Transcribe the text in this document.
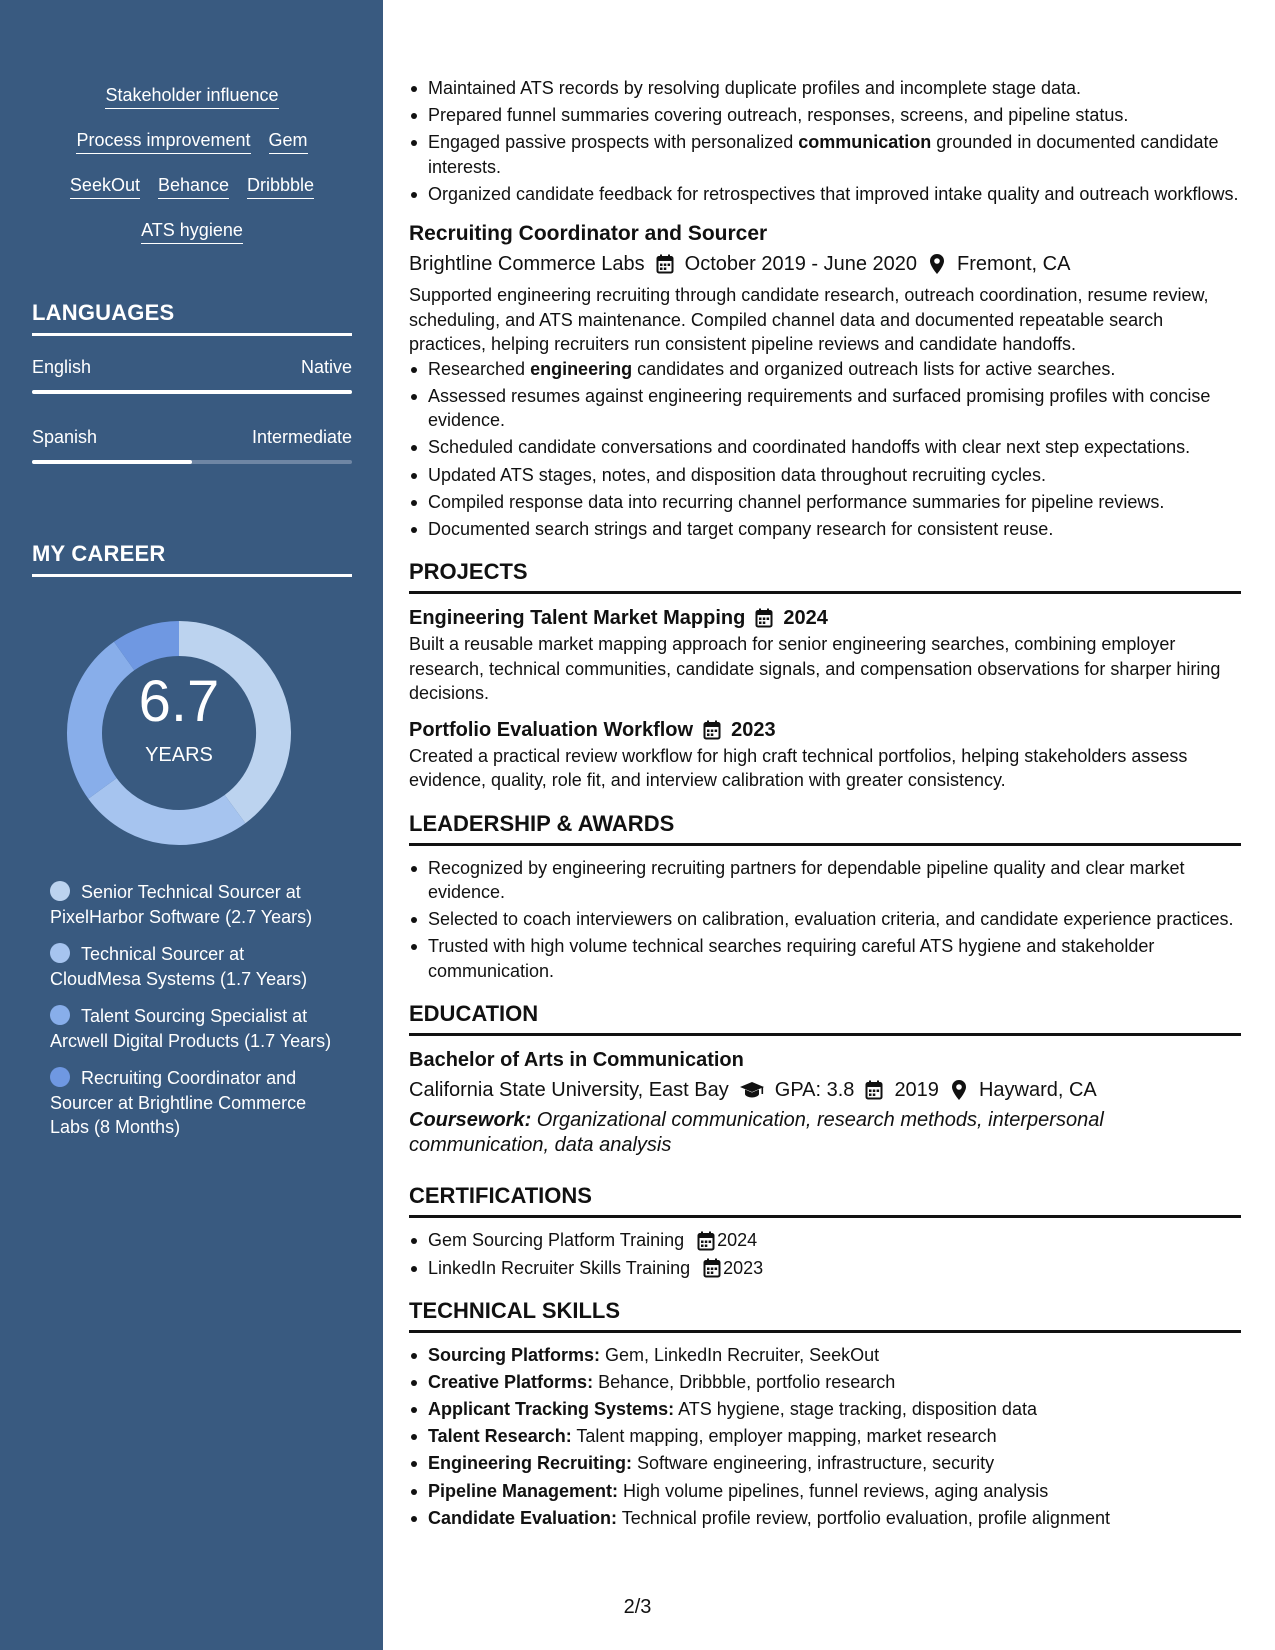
Stakeholder influence
Process improvement Gem
SeekOut Behance Dribbble
ATS hygiene
LANGUAGES
English	Native
Spanish	Intermediate
MY CAREER
6.7
YEARS
Senior Technical Sourcer at PixelHarbor Software (2.7 Years)
Technical Sourcer at CloudMesa Systems (1.7 Years)
Talent Sourcing Specialist at Arcwell Digital Products (1.7 Years)
Recruiting Coordinator and Sourcer at Brightline Commerce Labs (8 Months)
Maintained ATS records by resolving duplicate profiles and incomplete stage data.
Prepared funnel summaries covering outreach, responses, screens, and pipeline status.
Engaged passive prospects with personalized communication grounded in documented candidate interests.
Organized candidate feedback for retrospectives that improved intake quality and outreach workflows.
Recruiting Coordinator and Sourcer
Brightline Commerce Labs October 2019 - June 2020 Fremont, CA
Supported engineering recruiting through candidate research, outreach coordination, resume review, scheduling, and ATS maintenance. Compiled channel data and documented repeatable search practices, helping recruiters run consistent pipeline reviews and candidate handoffs.
Researched engineering candidates and organized outreach lists for active searches.
Assessed resumes against engineering requirements and surfaced promising profiles with concise evidence.
Scheduled candidate conversations and coordinated handoffs with clear next step expectations.
Updated ATS stages, notes, and disposition data throughout recruiting cycles.
Compiled response data into recurring channel performance summaries for pipeline reviews.
Documented search strings and target company research for consistent reuse.
PROJECTS
Engineering Talent Market Mapping 2024
Built a reusable market mapping approach for senior engineering searches, combining employer research, technical communities, candidate signals, and compensation observations for sharper hiring decisions.
Portfolio Evaluation Workflow 2023
Created a practical review workflow for high craft technical portfolios, helping stakeholders assess evidence, quality, role fit, and interview calibration with greater consistency.
LEADERSHIP & AWARDS
Recognized by engineering recruiting partners for dependable pipeline quality and clear market evidence.
Selected to coach interviewers on calibration, evaluation criteria, and candidate experience practices.
Trusted with high volume technical searches requiring careful ATS hygiene and stakeholder communication.
EDUCATION
Bachelor of Arts in Communication
California State University, East Bay GPA: 3.8 2019 Hayward, CA
Coursework: Organizational communication, research methods, interpersonal communication, data analysis
CERTIFICATIONS
Gem Sourcing Platform Training 2024
LinkedIn Recruiter Skills Training 2023
TECHNICAL SKILLS
Sourcing Platforms: Gem, LinkedIn Recruiter, SeekOut
Creative Platforms: Behance, Dribbble, portfolio research
Applicant Tracking Systems: ATS hygiene, stage tracking, disposition data
Talent Research: Talent mapping, employer mapping, market research
Engineering Recruiting: Software engineering, infrastructure, security
Pipeline Management: High volume pipelines, funnel reviews, aging analysis
Candidate Evaluation: Technical profile review, portfolio evaluation, profile alignment
2/3
